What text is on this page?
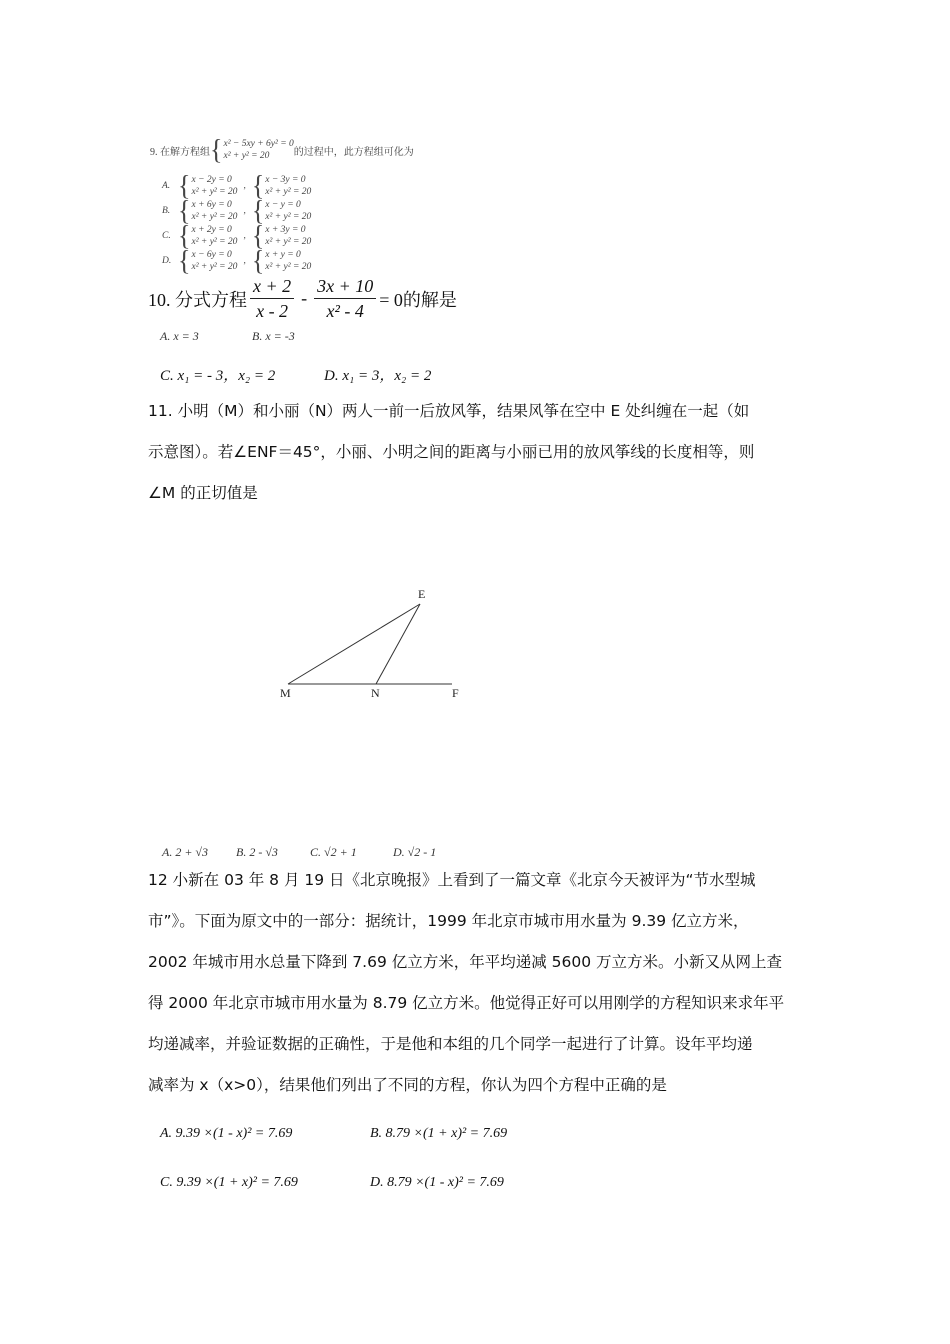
9. 在解方程组 { x² − 5xy + 6y² = 0
x² + y² = 20	的过程中，此方程组可化为
A. { x − 2y = 0
x² + y² = 20
, { x − 3y = 0
x² + y² = 20
B. { x + 6y = 0
x² + y² = 20
, { x − y = 0
x² + y² = 20
C. { x + 2y = 0
x² + y² = 20
, { x + 3y = 0
x² + y² = 20
D. { x − 6y = 0
x² + y² = 20
, { x + y = 0
x² + y² = 20
10. 分式方程 $\frac{x + 2}{x - 2} - \frac{3x + 10}{\text{x² - 4}} = 0$的解是
A. x = 3	B. x = -3
C. x₁ = - 3，x₂ = 2	D. x₁ = 3，x₂ = 2

11. 小明（M）和小丽（N）两人一前一后放风筝，结果风筝在空中 E 处纠缠在一起（如

示意图）。若∠ENF＝45°，小丽、小明之间的距离与小丽已用的放风筝线的长度相等，则

∠M 的正切值是

E
M	N	F
A. 2 + √3 B. 2 - √3	C. √2 + 1	D. √2 - 1

12 小新在 03 年 8 月 19 日《北京晚报》上看到了一篇文章《北京今天被评为“节水型城

市”》。下面为原文中的一部分：据统计，1999 年北京市城市用水量为 9.39 亿立方米，

2002 年城市用水总量下降到 7.69 亿立方米，年平均递减 5600 万立方米。小新又从网上查

得 2000 年北京市城市用水量为 8.79 亿立方米。他觉得正好可以用刚学的方程知识来求年平

均递减率，并验证数据的正确性，于是他和本组的几个同学一起进行了计算。设年平均递

减率为 x（x>0），结果他们列出了不同的方程，你认为四个方程中正确的是

A. 9.39 ×(1 - x)² = 7.69	B. 8.79 ×(1 + x)² = 7.69
C. 9.39 ×(1 + x)² = 7.69	D. 8.79 ×(1 - x)² = 7.69
